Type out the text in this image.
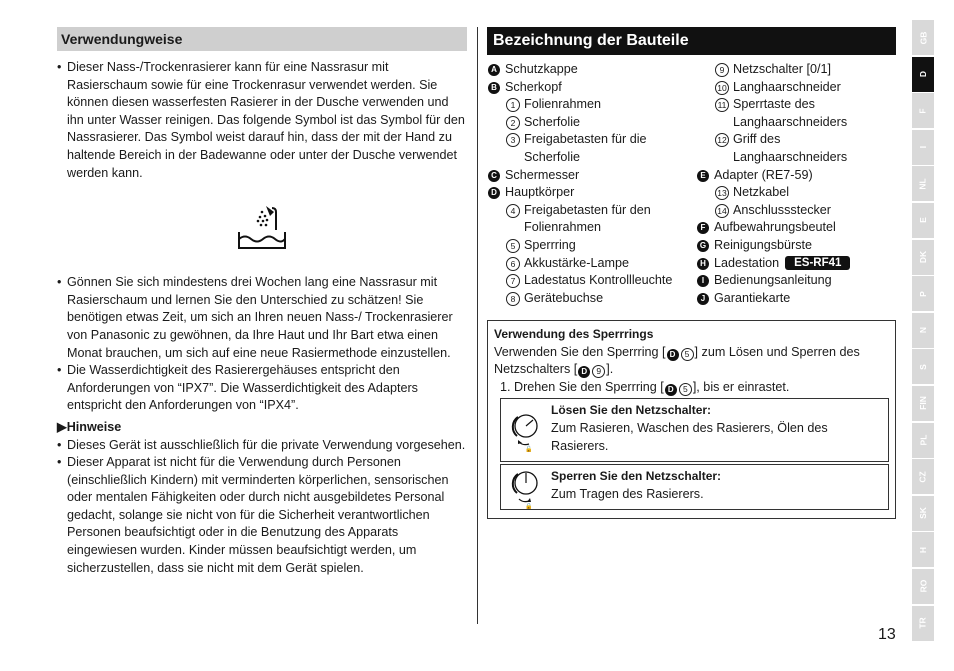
Verwendungweise
• Dieser Nass-/Trockenrasierer kann für eine Nassrasur mit Rasierschaum sowie für eine Trockenrasur verwendet werden. Sie können diesen wasserfesten Rasierer in der Dusche verwenden und ihn unter Wasser reinigen. Das folgende Symbol ist das Symbol für den Nassrasierer. Das Symbol weist darauf hin, dass der mit der Hand zu haltende Bereich in der Badewanne oder unter der Dusche verwendet werden kann.
• Gönnen Sie sich mindestens drei Wochen lang eine Nassrasur mit Rasierschaum und lernen Sie den Unterschied zu schätzen! Sie benötigen etwas Zeit, um sich an Ihren neuen Nass-/ Trockenrasierer von Panasonic zu gewöhnen, da Ihre Haut und Ihr Bart etwa einen Monat brauchen, um sich auf eine neue Rasiermethode einzustellen.
• Die Wasserdichtigkeit des Rasierergehäuses entspricht den Anforderungen von “IPX7”. Die Wasserdichtigkeit des Adapters entspricht den Anforderungen von “IPX4”.
▶Hinweise
• Dieses Gerät ist ausschließlich für die private Verwendung vorgesehen.
• Dieser Apparat ist nicht für die Verwendung durch Personen (einschließlich Kindern) mit verminderten körperlichen, sensorischen oder mentalen Fähigkeiten oder durch nicht ausgebildetes Personal gedacht, solange sie nicht von für die Sicherheit verantwortlichen Personen beaufsichtigt oder in die Benutzung des Apparats eingewiesen wurden. Kinder müssen beaufsichtigt werden, um sicherzustellen, dass sie nicht mit dem Gerät spielen.
Bezeichnung der Bauteile
A Schutzkappe
B Scherkopf
1 Folienrahmen
2 Scherfolie
3 Freigabetasten für die
Scherfolie
C Schermesser
D Hauptkörper
4 Freigabetasten für den
Folienrahmen
5 Sperrring
6 Akkustärke-Lampe
7 Ladestatus Kontrollleuchte
8 Gerätebuchse
9 Netzschalter [0/1]
10 Langhaarschneider
11 Sperrtaste des
Langhaarschneiders
12 Griff des
Langhaarschneiders
E Adapter (RE7-59)
13 Netzkabel
14 Anschlussstecker
F Aufbewahrungsbeutel
G Reinigungsbürste
H Ladestation ES-RF41
I Bedienungsanleitung
J Garantiekarte
Verwendung des Sperrrings
Verwenden Sie den Sperrring [ D 5 ] zum Lösen und Sperren des Netzschalters [ D 9 ].
1. Drehen Sie den Sperrring [ D 5 ], bis er einrastet.
🔓
Lösen Sie den Netzschalter:
Zum Rasieren, Waschen des Rasierers, Ölen des Rasierers.
🔒
Sperren Sie den Netzschalter:
Zum Tragen des Rasierers.
GB
D
F
I
NL
E
DK
P
N
S
FIN
PL
CZ
SK
H
RO
TR
13
